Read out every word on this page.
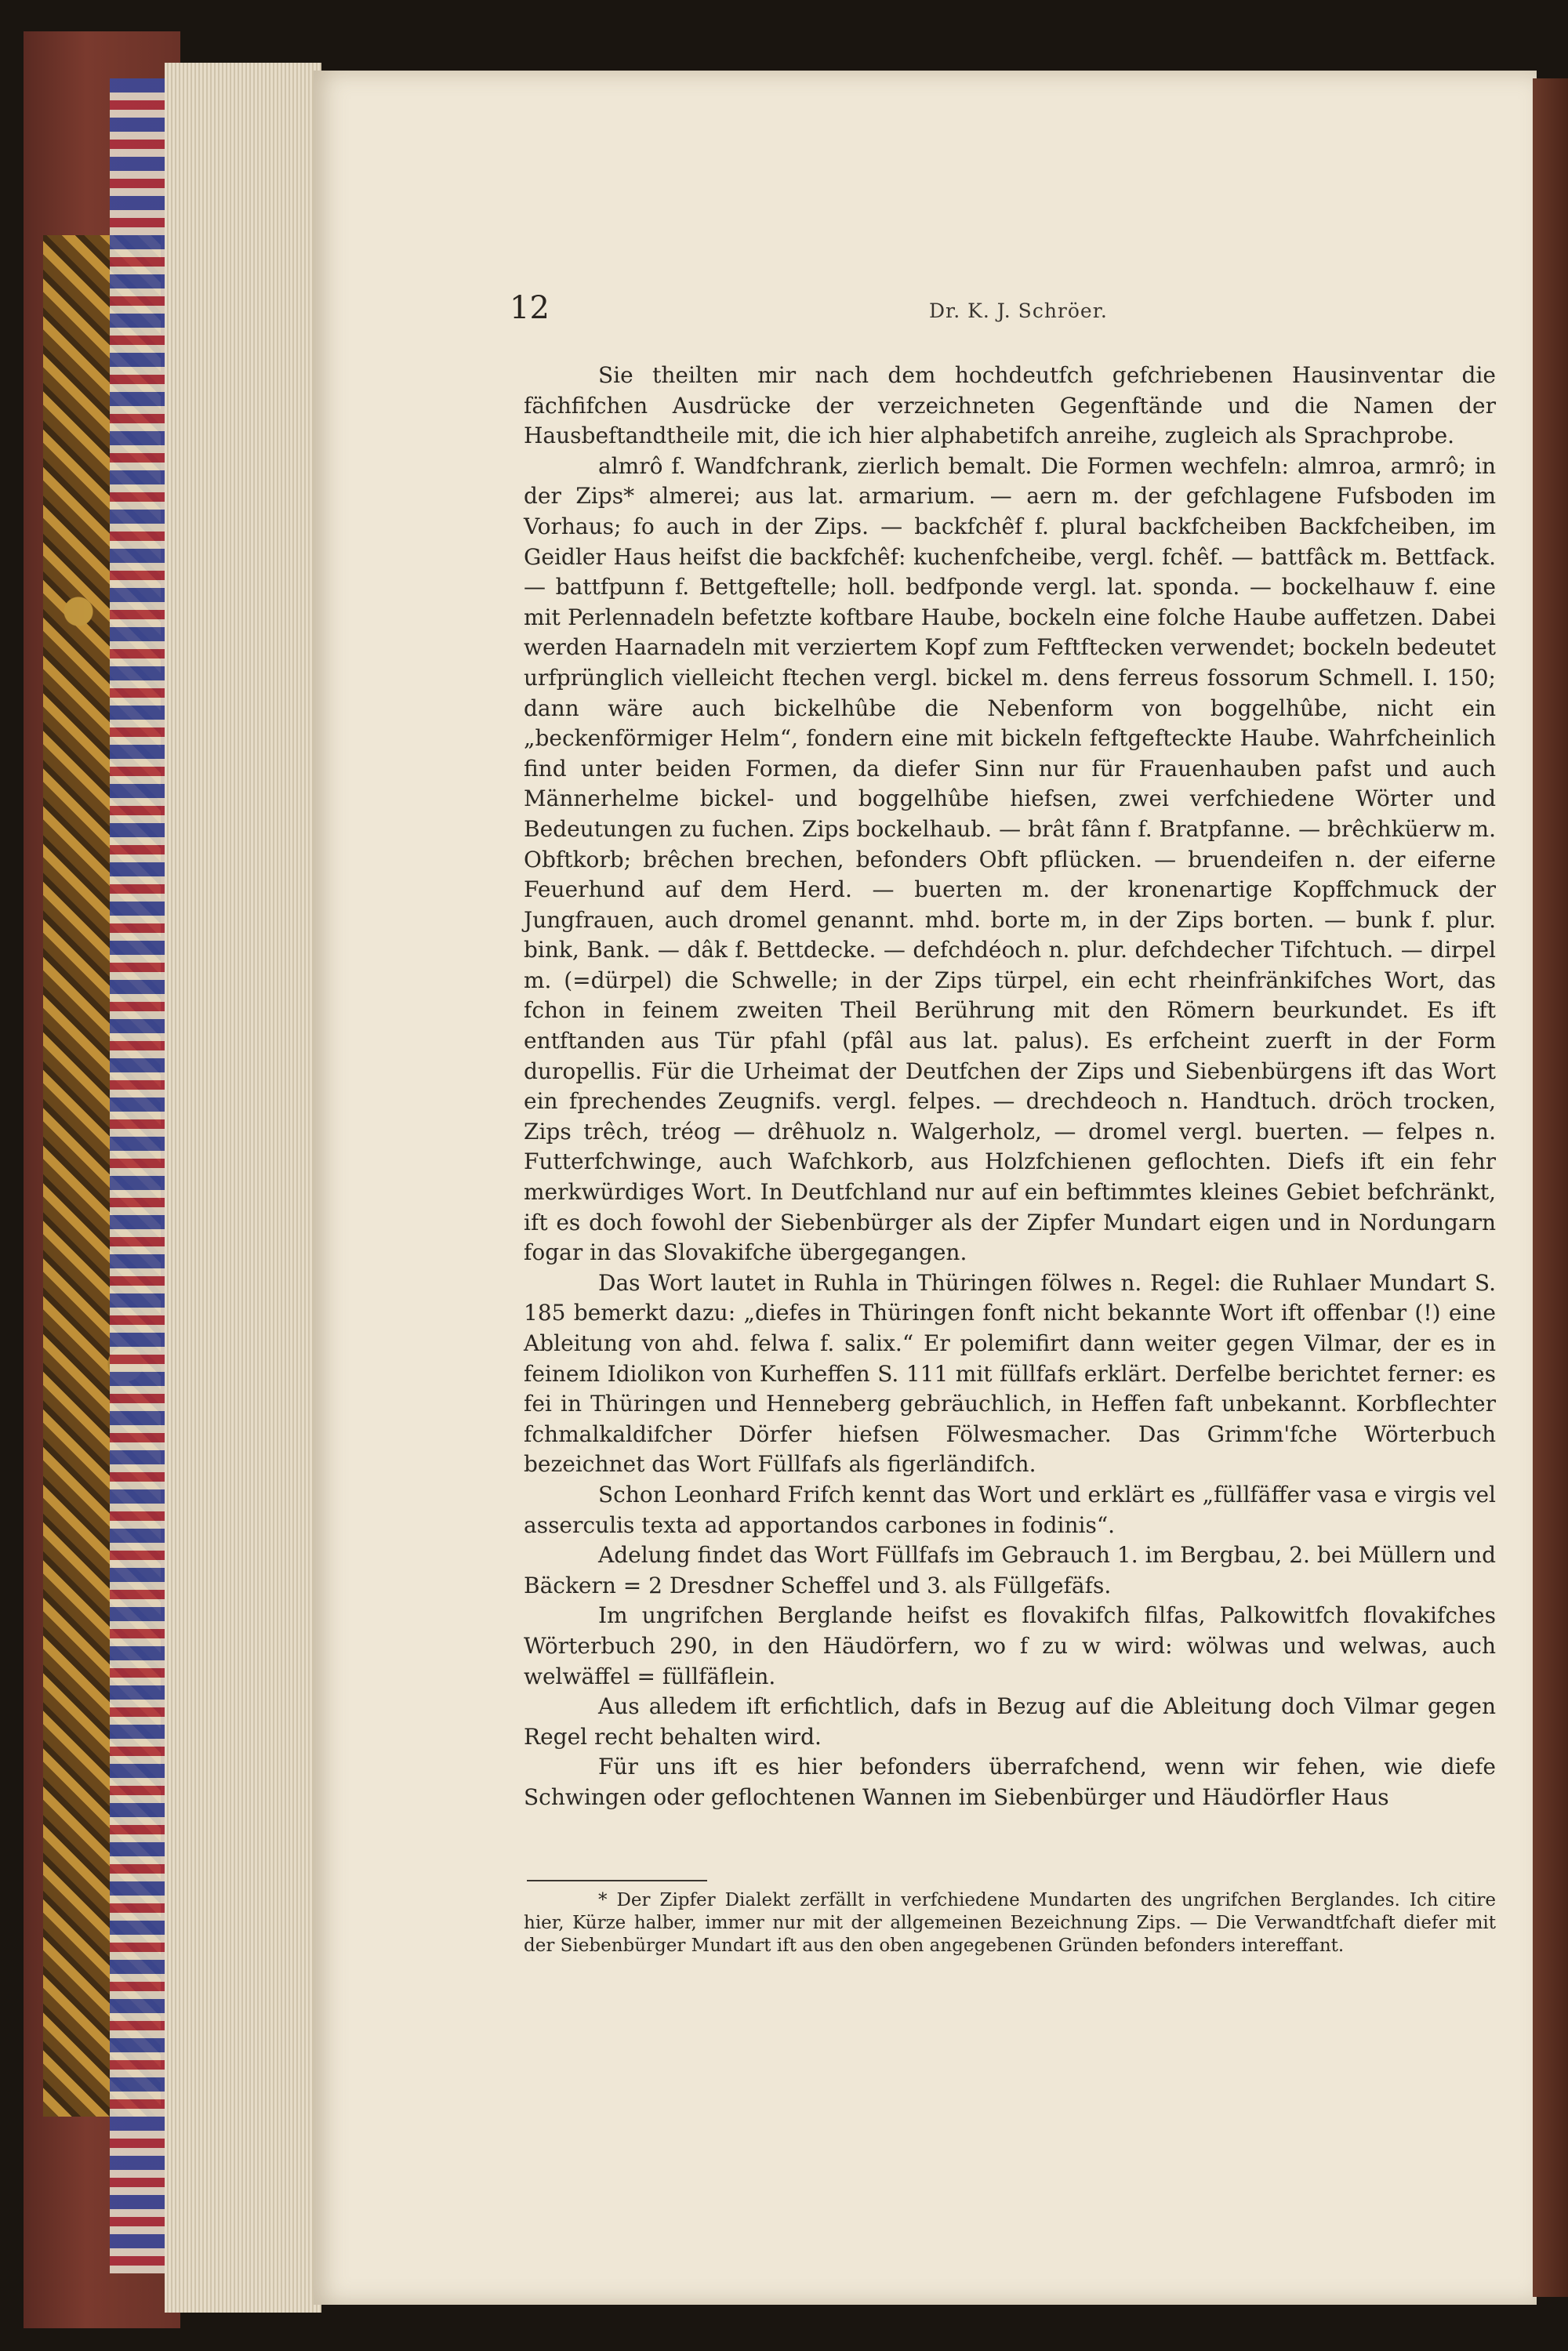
12	Dr. K. J. Schröer.

Sie theilten mir nach dem hochdeutfch gefchriebenen Hausinventar die fächfifchen Ausdrücke der verzeichneten Gegenftände und die Namen der Hausbeftandtheile mit, die ich hier alphabetifch anreihe, zugleich als Sprachprobe.

almrô f. Wandfchrank, zierlich bemalt. Die Formen wechfeln: almroa, armrô; in der Zips* almerei; aus lat. armarium. — aern m. der gefchlagene Fufsboden im Vorhaus; fo auch in der Zips. — backfchêf f. plural backfcheiben Backfcheiben, im Geidler Haus heifst die backfchêf: kuchenfcheibe, vergl. fchêf. — battfâck m. Bettfack. — battfpunn f. Bettgeftelle; holl. bedfponde vergl. lat. sponda. — bockelhauw f. eine mit Perlennadeln befetzte koftbare Haube, bockeln eine folche Haube auffetzen. Dabei werden Haarnadeln mit verziertem Kopf zum Feftftecken verwendet; bockeln bedeutet urfprünglich vielleicht ftechen vergl. bickel m. dens ferreus fossorum Schmell. I. 150; dann wäre auch bickelhûbe die Nebenform von boggelhûbe, nicht ein „beckenförmiger Helm“, fondern eine mit bickeln feftgefteckte Haube. Wahrfcheinlich find unter beiden Formen, da diefer Sinn nur für Frauenhauben pafst und auch Männerhelme bickel- und boggelhûbe hiefsen, zwei verfchiedene Wörter und Bedeutungen zu fuchen. Zips bockelhaub. — brât fânn f. Bratpfanne. — brêchküerw m. Obftkorb; brêchen brechen, befonders Obft pflücken. — bruendeifen n. der eiferne Feuerhund auf dem Herd. — buerten m. der kronenartige Kopffchmuck der Jungfrauen, auch dromel genannt. mhd. borte m, in der Zips borten. — bunk f. plur. bink, Bank. — dâk f. Bettdecke. — defchdéoch n. plur. defchdecher Tifchtuch. — dirpel m. (=dürpel) die Schwelle; in der Zips türpel, ein echt rheinfränkifches Wort, das fchon in feinem zweiten Theil Berührung mit den Römern beurkundet. Es ift entftanden aus Tür pfahl (pfâl aus lat. palus). Es erfcheint zuerft in der Form duropellis. Für die Urheimat der Deutfchen der Zips und Siebenbürgens ift das Wort ein fprechendes Zeugnifs. vergl. felpes. — drechdeoch n. Handtuch. dröch trocken, Zips trêch, tréog — drêhuolz n. Walgerholz, — dromel vergl. buerten. — felpes n. Futterfchwinge, auch Wafchkorb, aus Holzfchienen geflochten. Diefs ift ein fehr merkwürdiges Wort. In Deutfchland nur auf ein beftimmtes kleines Gebiet befchränkt, ift es doch fowohl der Siebenbürger als der Zipfer Mundart eigen und in Nordungarn fogar in das Slovakifche übergegangen.

Das Wort lautet in Ruhla in Thüringen fölwes n. Regel: die Ruhlaer Mundart S. 185 bemerkt dazu: „diefes in Thüringen fonft nicht bekannte Wort ift offenbar (!) eine Ableitung von ahd. felwa f. salix.“ Er polemifirt dann weiter gegen Vilmar, der es in feinem Idiolikon von Kurheffen S. 111 mit füllfafs erklärt. Derfelbe berichtet ferner: es fei in Thüringen und Henneberg gebräuchlich, in Heffen faft unbekannt. Korbflechter fchmalkaldifcher Dörfer hiefsen Fölwesmacher. Das Grimm'fche Wörterbuch bezeichnet das Wort Füllfafs als figerländifch.

Schon Leonhard Frifch kennt das Wort und erklärt es „füllfäffer vasa e virgis vel asserculis texta ad apportandos carbones in fodinis“.

Adelung findet das Wort Füllfafs im Gebrauch 1. im Bergbau, 2. bei Müllern und Bäckern = 2 Dresdner Scheffel und 3. als Füllgefäfs.

Im ungrifchen Berglande heifst es flovakifch filfas, Palkowitfch flovakifches Wörterbuch 290, in den Häudörfern, wo f zu w wird: wölwas und welwas, auch welwäffel = füllfäflein.

Aus alledem ift erfichtlich, dafs in Bezug auf die Ableitung doch Vilmar gegen Regel recht behalten wird.

Für uns ift es hier befonders überrafchend, wenn wir fehen, wie diefe Schwingen oder geflochtenen Wannen im Siebenbürger und Häudörfler Haus

* Der Zipfer Dialekt zerfällt in verfchiedene Mundarten des ungrifchen Berglandes. Ich citire hier, Kürze halber, immer nur mit der allgemeinen Bezeichnung Zips. — Die Verwandtfchaft diefer mit der Siebenbürger Mundart ift aus den oben angegebenen Gründen befonders intereffant.
